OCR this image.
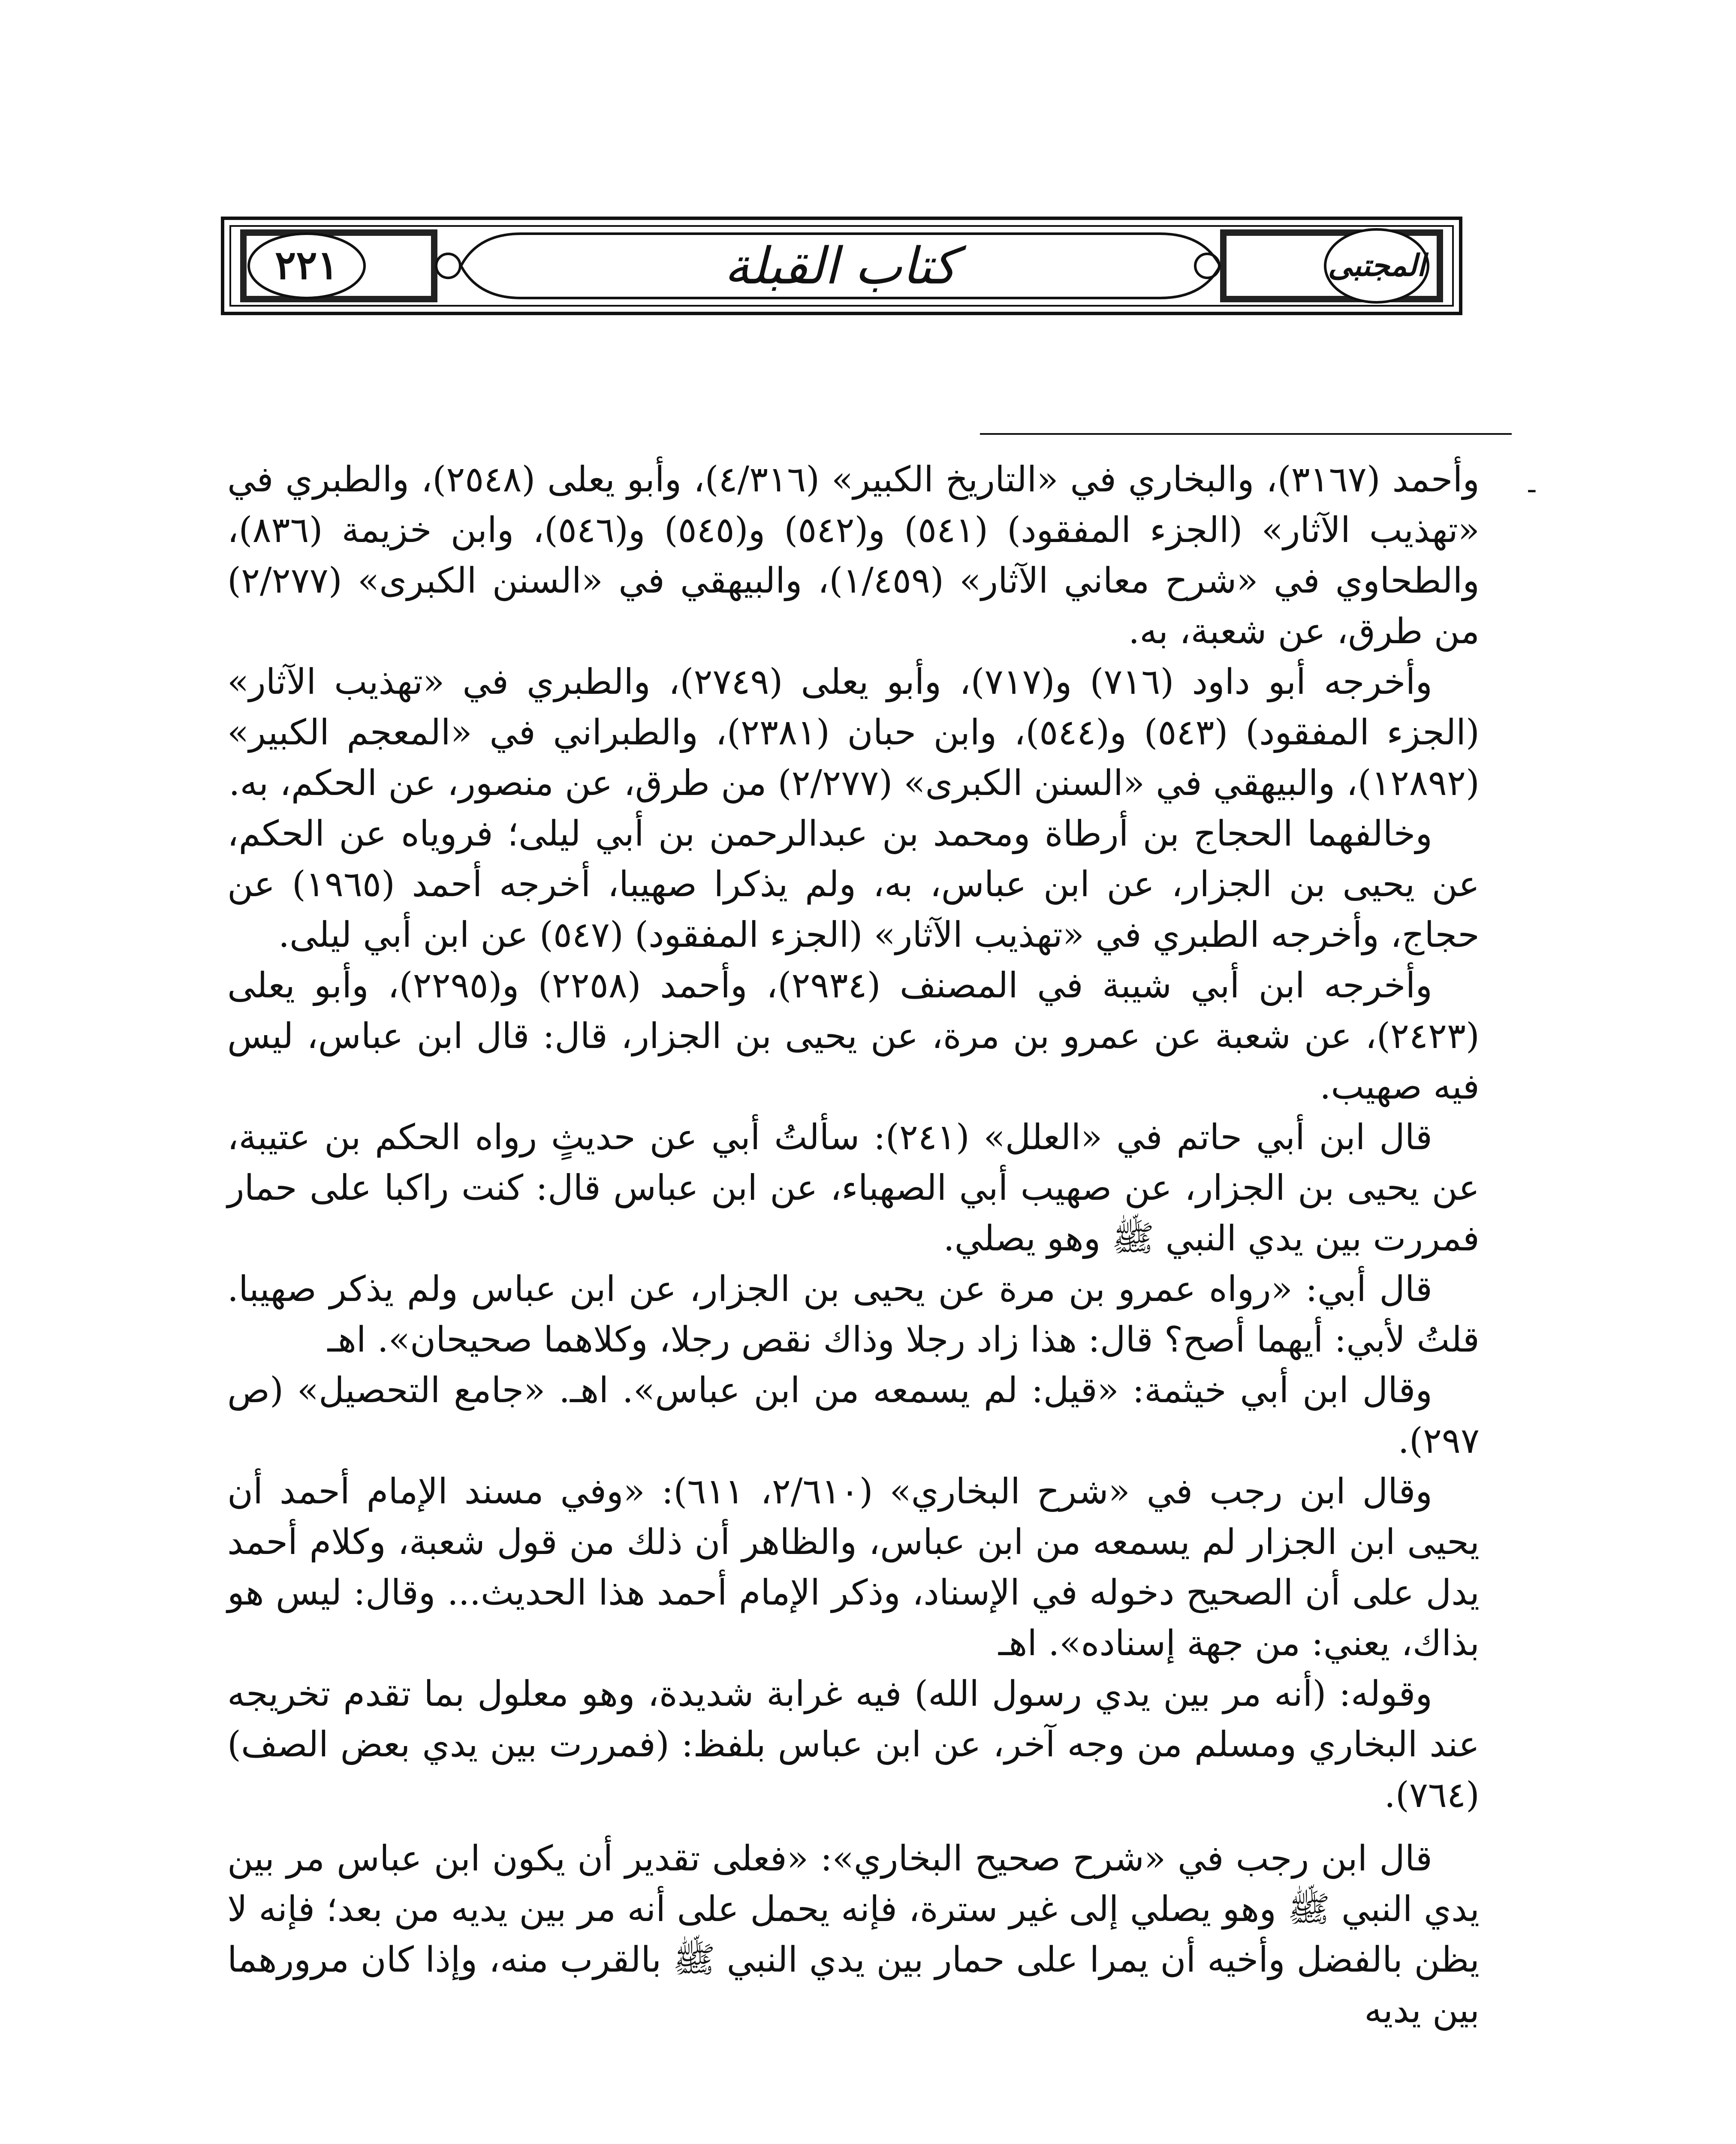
كتاب القبلة
٢٢١	المجتبى
-

وأحمد (٣١٦٧)، والبخاري في «التاريخ الكبير» (٤/٣١٦)، وأبو يعلى (٢٥٤٨)، والطبري في «تهذيب الآثار» (الجزء المفقود) (٥٤١) و(٥٤٢) و(٥٤٥) و(٥٤٦)، وابن خزيمة (٨٣٦)، والطحاوي في «شرح معاني الآثار» (١/٤٥٩)، والبيهقي في «السنن الكبرى» (٢/٢٧٧) من طرق، عن شعبة، به.

وأخرجه أبو داود (٧١٦) و(٧١٧)، وأبو يعلى (٢٧٤٩)، والطبري في «تهذيب الآثار» (الجزء المفقود) (٥٤٣) و(٥٤٤)، وابن حبان (٢٣٨١)، والطبراني في «المعجم الكبير» (١٢٨٩٢)، والبيهقي في «السنن الكبرى» (٢/٢٧٧) من طرق، عن منصور، عن الحكم، به.

وخالفهما الحجاج بن أرطاة ومحمد بن عبدالرحمن بن أبي ليلى؛ فروياه عن الحكم، عن يحيى بن الجزار، عن ابن عباس، به، ولم يذكرا صهيبا، أخرجه أحمد (١٩٦٥) عن حجاج، وأخرجه الطبري في «تهذيب الآثار» (الجزء المفقود) (٥٤٧) عن ابن أبي ليلى.

وأخرجه ابن أبي شيبة في المصنف (٢٩٣٤)، وأحمد (٢٢٥٨) و(٢٢٩٥)، وأبو يعلى (٢٤٢٣)، عن شعبة عن عمرو بن مرة، عن يحيى بن الجزار، قال: قال ابن عباس، ليس فيه صهيب.

قال ابن أبي حاتم في «العلل» (٢٤١): سألتُ أبي عن حديثٍ رواه الحكم بن عتيبة، عن يحيى بن الجزار، عن صهيب أبي الصهباء، عن ابن عباس قال: كنت راكبا على حمار فمررت بين يدي النبي ﷺ وهو يصلي.

قال أبي: «رواه عمرو بن مرة عن يحيى بن الجزار، عن ابن عباس ولم يذكر صهيبا. قلتُ لأبي: أيهما أصح؟ قال: هذا زاد رجلا وذاك نقص رجلا، وكلاهما صحيحان». اهـ

وقال ابن أبي خيثمة: «قيل: لم يسمعه من ابن عباس». اهـ. «جامع التحصيل» (ص ٢٩٧).

وقال ابن رجب في «شرح البخاري» (٢/٦١٠، ٦١١): «وفي مسند الإمام أحمد أن يحيى ابن الجزار لم يسمعه من ابن عباس، والظاهر أن ذلك من قول شعبة، وكلام أحمد يدل على أن الصحيح دخوله في الإسناد، وذكر الإمام أحمد هذا الحديث... وقال: ليس هو بذاك، يعني: من جهة إسناده». اهـ

وقوله: (أنه مر بين يدي رسول الله) فيه غرابة شديدة، وهو معلول بما تقدم تخريجه عند البخاري ومسلم من وجه آخر، عن ابن عباس بلفظ: (فمررت بين يدي بعض الصف) (٧٦٤).

قال ابن رجب في «شرح صحيح البخاري»: «فعلى تقدير أن يكون ابن عباس مر بين يدي النبي ﷺ وهو يصلي إلى غير سترة، فإنه يحمل على أنه مر بين يديه من بعد؛ فإنه لا يظن بالفضل وأخيه أن يمرا على حمار بين يدي النبي ﷺ بالقرب منه، وإذا كان مرورهما بين يديه
